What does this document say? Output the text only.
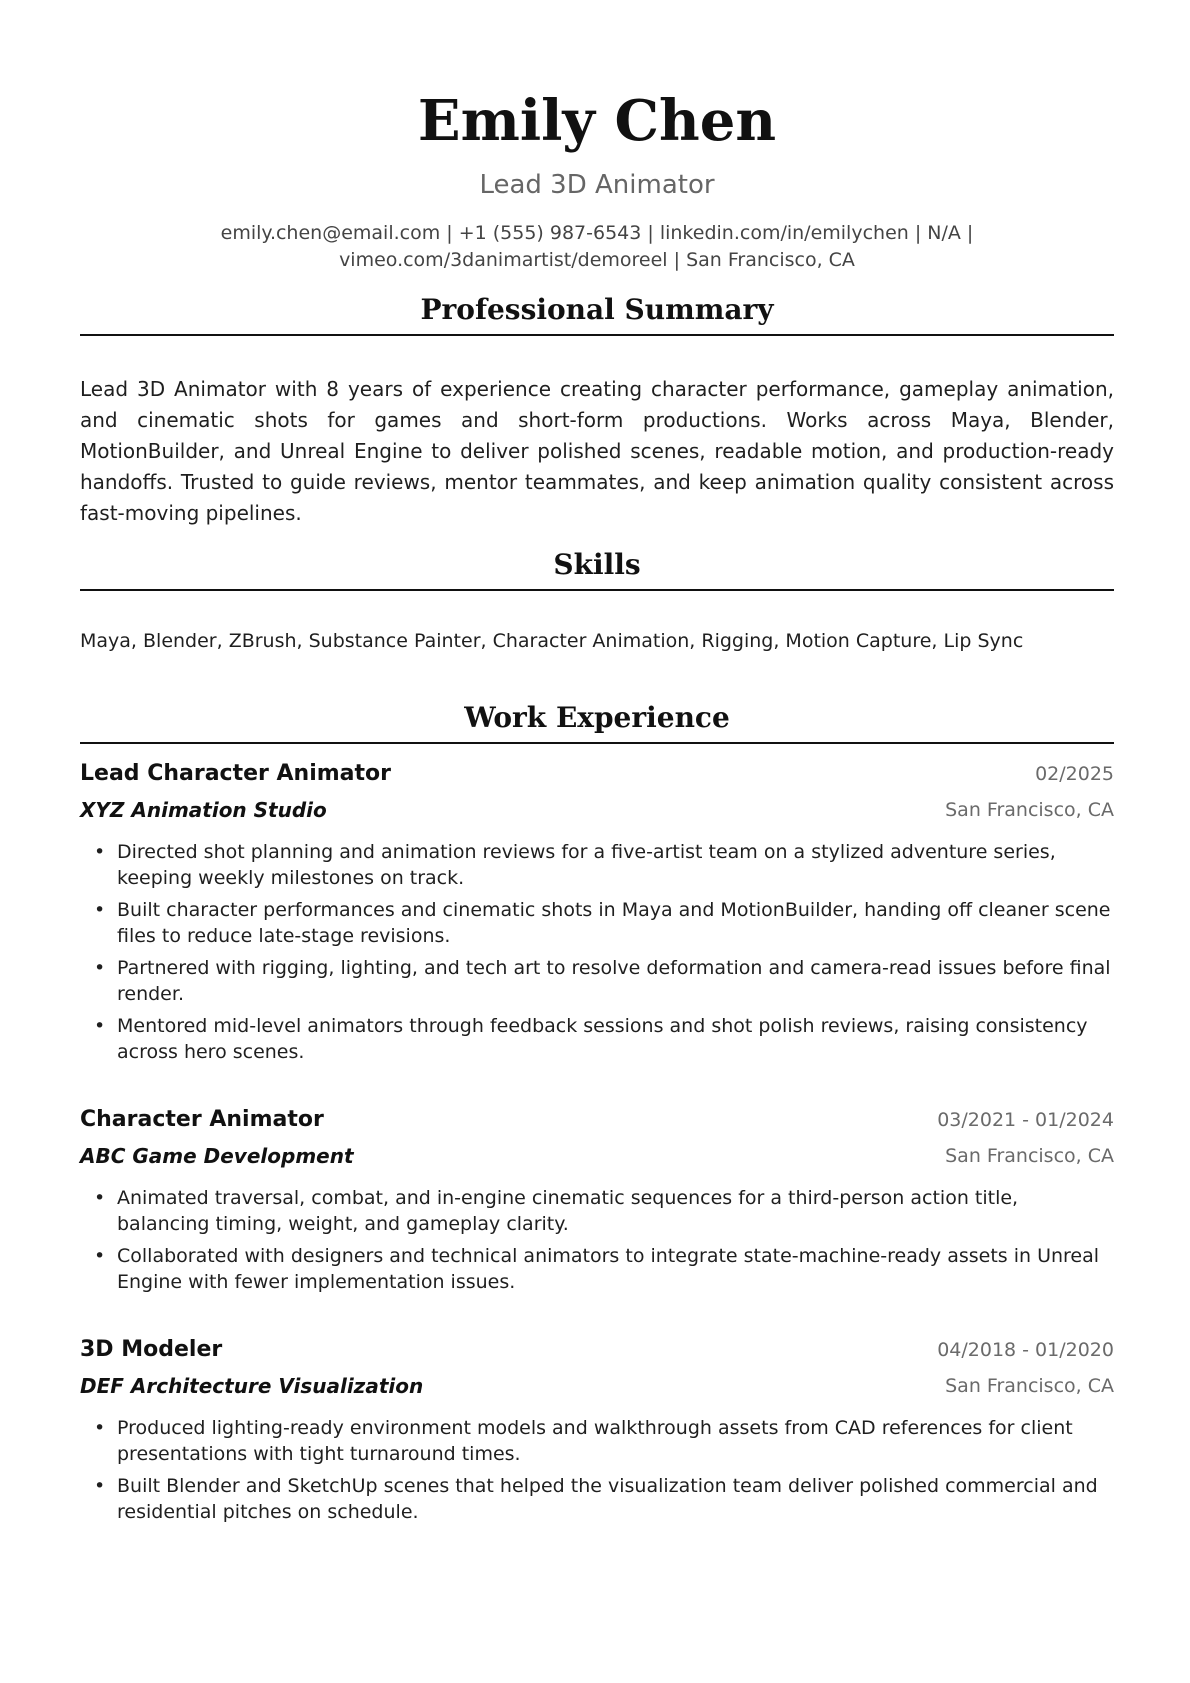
Emily Chen
Lead 3D Animator
emily.chen@email.com | +1 (555) 987-6543 | linkedin.com/in/emilychen | N/A |
vimeo.com/3danimartist/demoreel | San Francisco, CA
Professional Summary
Lead 3D Animator with 8 years of experience creating character performance, gameplay animation, and cinematic shots for games and short-form productions. Works across Maya, Blender, MotionBuilder, and Unreal Engine to deliver polished scenes, readable motion, and production-ready handoffs. Trusted to guide reviews, mentor teammates, and keep animation quality consistent across fast-moving pipelines.
Skills
Maya, Blender, ZBrush, Substance Painter, Character Animation, Rigging, Motion Capture, Lip Sync
Work Experience
Lead Character Animator	02/2025
XYZ Animation Studio	San Francisco, CA
• Directed shot planning and animation reviews for a five-artist team on a stylized adventure series, keeping weekly milestones on track.
• Built character performances and cinematic shots in Maya and MotionBuilder, handing off cleaner scene files to reduce late-stage revisions.
• Partnered with rigging, lighting, and tech art to resolve deformation and camera-read issues before final render.
• Mentored mid-level animators through feedback sessions and shot polish reviews, raising consistency across hero scenes.
Character Animator	03/2021 - 01/2024
ABC Game Development	San Francisco, CA
• Animated traversal, combat, and in-engine cinematic sequences for a third-person action title, balancing timing, weight, and gameplay clarity.
• Collaborated with designers and technical animators to integrate state-machine-ready assets in Unreal Engine with fewer implementation issues.
3D Modeler	04/2018 - 01/2020
DEF Architecture Visualization	San Francisco, CA
• Produced lighting-ready environment models and walkthrough assets from CAD references for client presentations with tight turnaround times.
• Built Blender and SketchUp scenes that helped the visualization team deliver polished commercial and residential pitches on schedule.
